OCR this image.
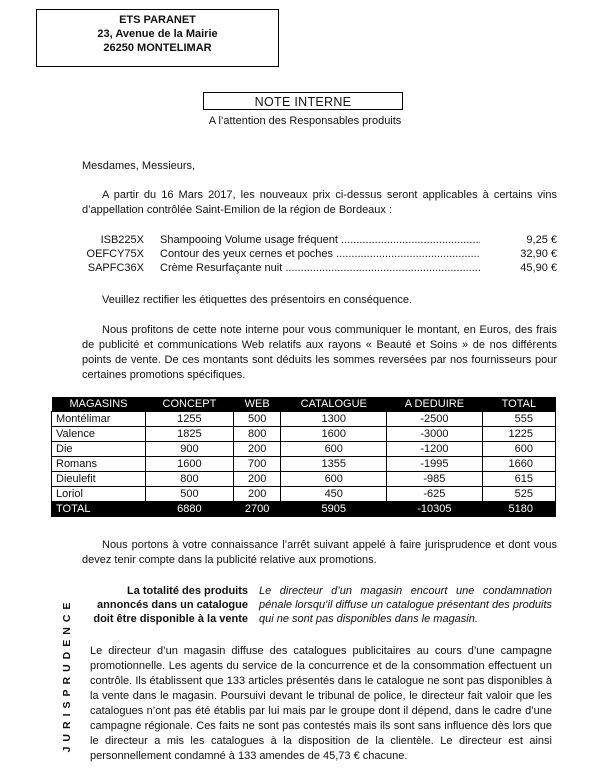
ETS PARANET
23, Avenue de la Mairie
26250 MONTELIMAR
NOTE INTERNE
A l’attention des Responsables produits
Mesdames, Messieurs,
A partir du 16 Mars 2017, les nouveaux prix ci-dessus seront applicables à certains vins d’appellation contrôlée Saint-Emilion de la région de Bordeaux :
ISB225X Shampooing Volume usage fréquent .....	9,25 €
OEFCY75X Contour des yeux cernes et poches .....	32,90 €
SAPFC36X Crème Resurfaçante nuit .....	45,90 €
Veuillez rectifier les étiquettes des présentoirs en conséquence.
Nous profitons de cette note interne pour vous communiquer le montant, en Euros, des frais de publicité et communications Web relatifs aux rayons « Beauté et Soins » de nos différents points de vente. De ces montants sont déduits les sommes reversées par nos fournisseurs pour certaines promotions spécifiques.
MAGASINS	CONCEPT	WEB	CATALOGUE	A DEDUIRE	TOTAL
Montélimar	1255	500	1300	-2500	555
Valence	1825	800	1600	-3000	1225
Die	900	200	600	-1200	600
Romans	1600	700	1355	-1995	1660
Dieulefit	800	200	600	-985	615
Loriol	500	200	450	-625	525
TOTAL	6880	2700	5905	-10305	5180
Nous portons à votre connaissance l’arrêt suivant appelé à faire jurisprudence et dont vous devez tenir compte dans la publicité relative aux promotions.
JURISPRUDENCE
La totalité des produits annoncés dans un catalogue doit être disponible à la vente
Le directeur d’un magasin encourt une condamnation pénale lorsqu’il diffuse un catalogue présentant des produits qui ne sont pas disponibles dans le magasin.
Le directeur d’un magasin diffuse des catalogues publicitaires au cours d’une campagne promotionnelle. Les agents du service de la concurrence et de la consommation effectuent un contrôle. Ils établissent que 133 articles présentés dans le catalogue ne sont pas disponibles à la vente dans le magasin. Poursuivi devant le tribunal de police, le directeur fait valoir que les catalogues n’ont pas été établis par lui mais par le groupe dont il dépend, dans le cadre d’une campagne régionale. Ces faits ne sont pas contestés mais ils sont sans influence dès lors que le directeur a mis les catalogues à la disposition de la clientèle. Le directeur est ainsi personnellement condamné à 133 amendes de 45,73 € chacune.
